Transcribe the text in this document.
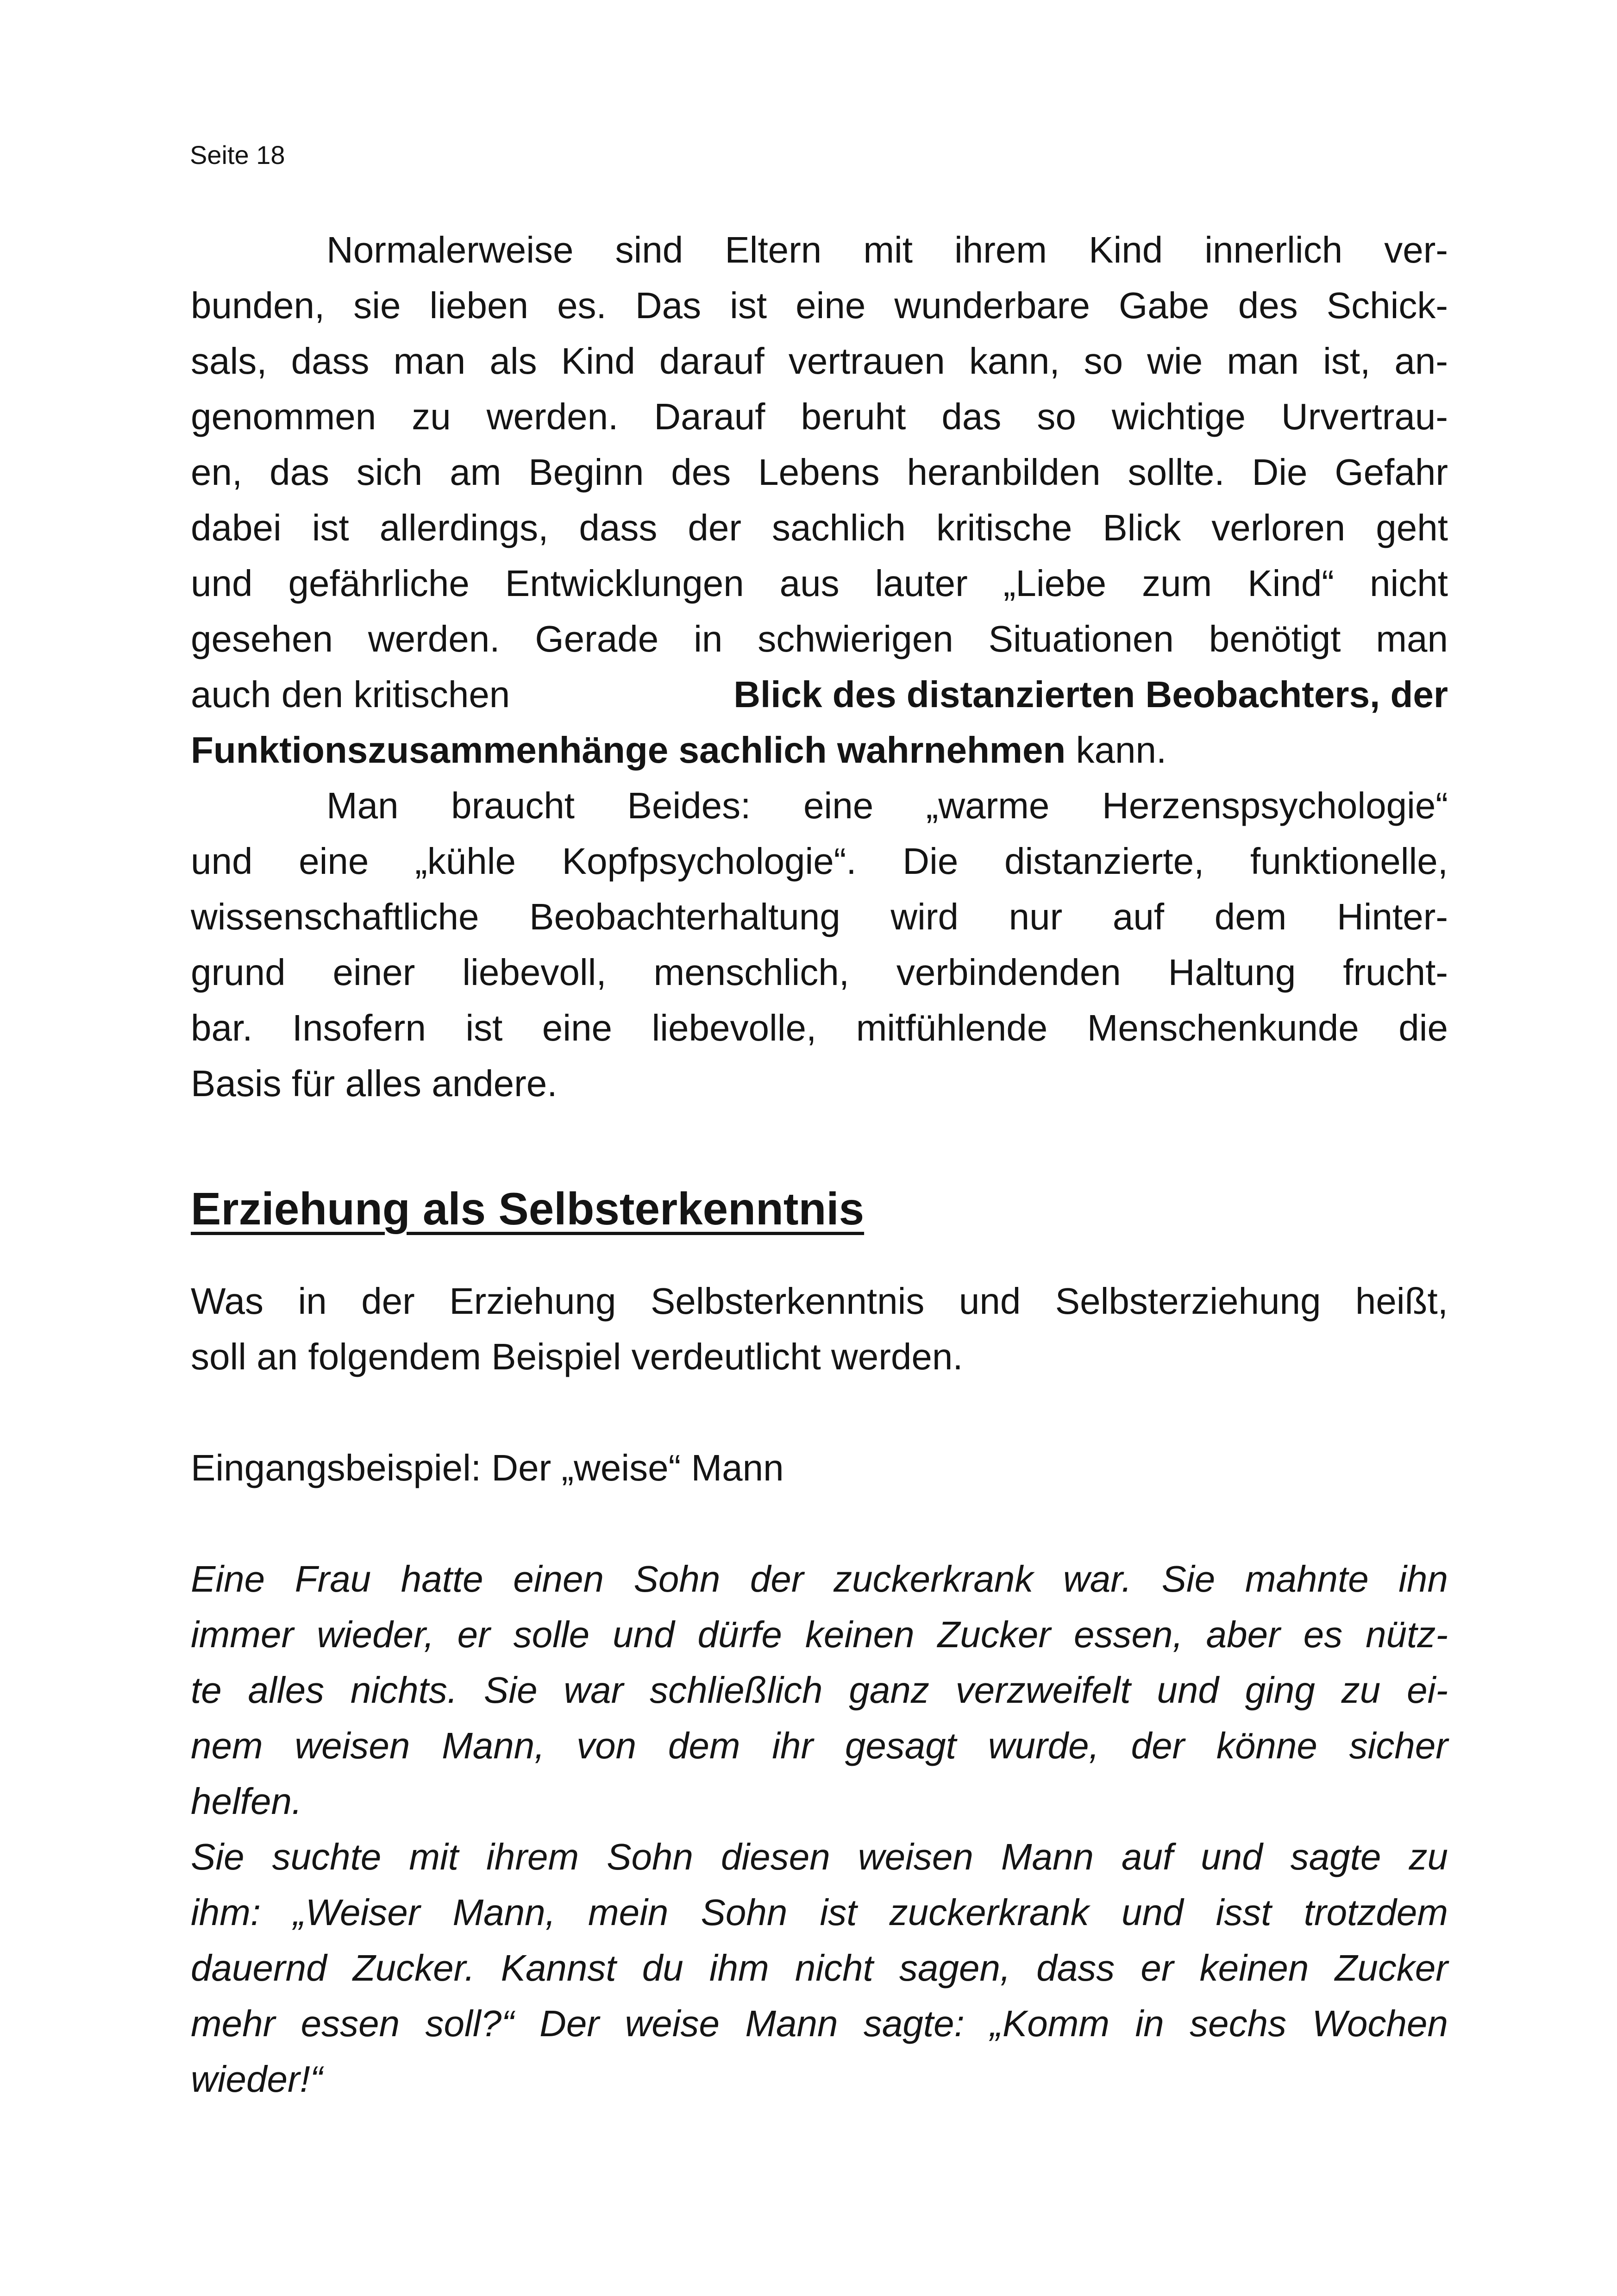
Seite 18
Normalerweise sind Eltern mit ihrem Kind innerlich ver-
bunden, sie lieben es. Das ist eine wunderbare Gabe des Schick-
sals, dass man als Kind darauf vertrauen kann, so wie man ist, an-
genommen zu werden. Darauf beruht das so wichtige Urvertrau-
en, das sich am Beginn des Lebens heranbilden sollte. Die Gefahr
dabei ist allerdings, dass der sachlich kritische Blick verloren geht
und gefährliche Entwicklungen aus lauter „Liebe zum Kind“ nicht
gesehen werden. Gerade in schwierigen Situationen benötigt man
auch den kritischen	Blick des distanzierten Beobachters, der
Funktionszusammenhänge sachlich wahrnehmen kann.
Man braucht Beides: eine „warme Herzenspsychologie“
und eine „kühle Kopfpsychologie“. Die distanzierte, funktionelle,
wissenschaftliche Beobachterhaltung wird nur auf dem Hinter-
grund einer liebevoll, menschlich, verbindenden Haltung frucht-
bar. Insofern ist eine liebevolle, mitfühlende Menschenkunde die
Basis für alles andere.
Erziehung als Selbsterkenntnis
Was in der Erziehung Selbsterkenntnis und Selbsterziehung heißt,
soll an folgendem Beispiel verdeutlicht werden.
Eingangsbeispiel: Der „weise“ Mann
Eine Frau hatte einen Sohn der zuckerkrank war. Sie mahnte ihn
immer wieder, er solle und dürfe keinen Zucker essen, aber es nütz-
te alles nichts. Sie war schließlich ganz verzweifelt und ging zu ei-
nem weisen Mann, von dem ihr gesagt wurde, der könne sicher
helfen.
Sie suchte mit ihrem Sohn diesen weisen Mann auf und sagte zu
ihm: „Weiser Mann, mein Sohn ist zuckerkrank und isst trotzdem
dauernd Zucker. Kannst du ihm nicht sagen, dass er keinen Zucker
mehr essen soll?“ Der weise Mann sagte: „Komm in sechs Wochen
wieder!“
